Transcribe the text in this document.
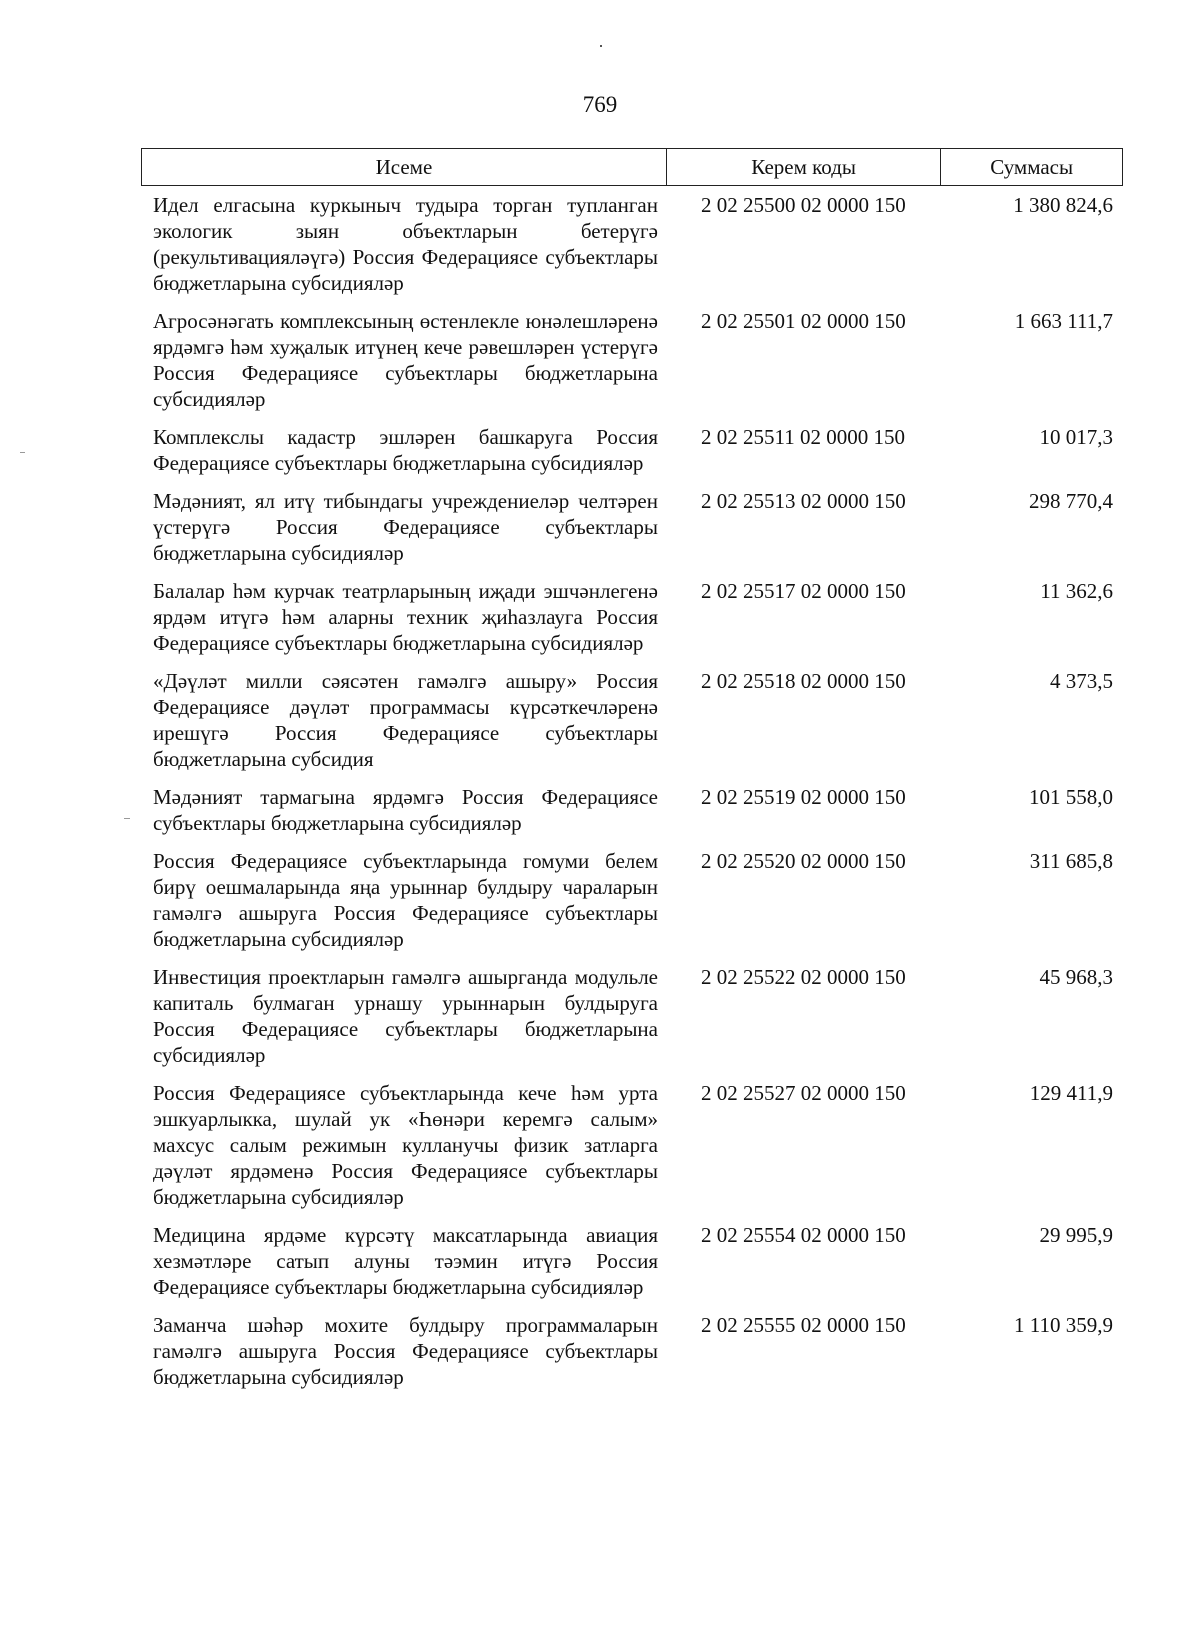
769
Исеме	Керем коды	Суммасы
Идел елгасына куркыныч тудыра торган тупланган экологик зыян объектларын бетерүгә (рекультивацияләүгә) Россия Федерациясе субъектлары бюджетларына субсидияләр
2 02 25500 02 0000 150	1 380 824,6
Агросәнәгать комплексының өстенлекле юнәлешләренә ярдәмгә һәм хуҗалык итүнең кече рәвешләрен үстерүгә Россия Федерациясе субъектлары бюджетларына субсидияләр
2 02 25501 02 0000 150	1 663 111,7
Комплекслы кадастр эшләрен башкаруга Россия Федерациясе субъектлары бюджетларына субсидияләр
2 02 25511 02 0000 150	10 017,3
Мәдәният, ял итү тибындагы учреждениеләр челтәрен үстерүгә Россия Федерациясе субъектлары бюджетларына субсидияләр
2 02 25513 02 0000 150	298 770,4
Балалар һәм курчак театрларының иҗади эшчәнлегенә ярдәм итүгә һәм аларны техник җиһазлауга Россия Федерациясе субъектлары бюджетларына субсидияләр
2 02 25517 02 0000 150	11 362,6
«Дәүләт милли сәясәтен гамәлгә ашыру» Россия Федерациясе дәүләт программасы күрсәткечләренә ирешүгә Россия Федерациясе субъектлары бюджетларына субсидия
2 02 25518 02 0000 150	4 373,5
Мәдәният тармагына ярдәмгә Россия Федерациясе субъектлары бюджетларына субсидияләр
2 02 25519 02 0000 150	101 558,0
Россия Федерациясе субъектларында гомуми белем бирү оешмаларында яңа урыннар булдыру чараларын гамәлгә ашыруга Россия Федерациясе субъектлары бюджетларына субсидияләр
2 02 25520 02 0000 150	311 685,8
Инвестиция проектларын гамәлгә ашырганда модульле капиталь булмаган урнашу урыннарын булдыруга Россия Федерациясе субъектлары бюджетларына субсидияләр
2 02 25522 02 0000 150	45 968,3
Россия Федерациясе субъектларында кече һәм урта эшкуарлыкка, шулай ук «Һөнәри керемгә салым» махсус салым режимын кулланучы физик затларга дәүләт ярдәменә Россия Федерациясе субъектлары бюджетларына субсидияләр
2 02 25527 02 0000 150	129 411,9
Медицина ярдәме күрсәтү максатларында авиация хезмәтләре сатып алуны тәэмин итүгә Россия Федерациясе субъектлары бюджетларына субсидияләр
2 02 25554 02 0000 150	29 995,9
Заманча шәһәр мохите булдыру программаларын гамәлгә ашыруга Россия Федерациясе субъектлары бюджетларына субсидияләр
2 02 25555 02 0000 150	1 110 359,9
